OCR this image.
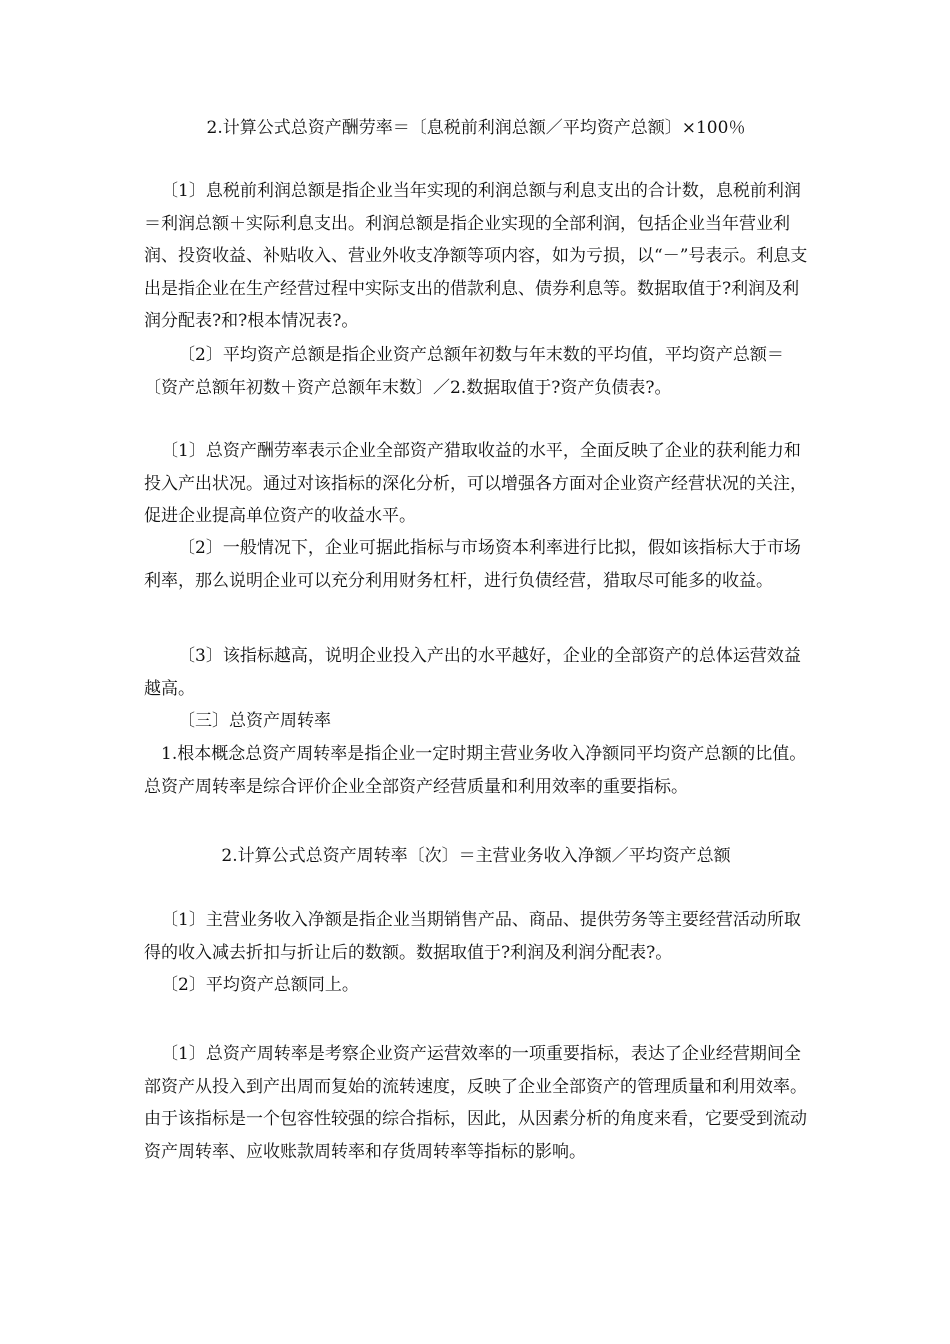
2.计算公式总资产酬劳率＝〔息税前利润总额／平均资产总额〕×100％

〔1〕息税前利润总额是指企业当年实现的利润总额与利息支出的合计数，息税前利润＝利润总额＋实际利息支出。利润总额是指企业实现的全部利润，包括企业当年营业利润、投资收益、补贴收入、营业外收支净额等项内容，如为亏损，以“－”号表示。利息支出是指企业在生产经营过程中实际支出的借款利息、债券利息等。数据取值于?利润及利润分配表?和?根本情况表?。

〔2〕平均资产总额是指企业资产总额年初数与年末数的平均值，平均资产总额＝〔资产总额年初数＋资产总额年末数〕／2.数据取值于?资产负债表?。

〔1〕总资产酬劳率表示企业全部资产猎取收益的水平，全面反映了企业的获利能力和投入产出状况。通过对该指标的深化分析，可以增强各方面对企业资产经营状况的关注，促进企业提高单位资产的收益水平。

〔2〕一般情况下，企业可据此指标与市场资本利率进行比拟，假如该指标大于市场利率，那么说明企业可以充分利用财务杠杆，进行负债经营，猎取尽可能多的收益。

〔3〕该指标越高，说明企业投入产出的水平越好，企业的全部资产的总体运营效益越高。

〔三〕总资产周转率

1.根本概念总资产周转率是指企业一定时期主营业务收入净额同平均资产总额的比值。总资产周转率是综合评价企业全部资产经营质量和利用效率的重要指标。

2.计算公式总资产周转率〔次〕＝主营业务收入净额／平均资产总额

〔1〕主营业务收入净额是指企业当期销售产品、商品、提供劳务等主要经营活动所取得的收入减去折扣与折让后的数额。数据取值于?利润及利润分配表?。

〔2〕平均资产总额同上。

〔1〕总资产周转率是考察企业资产运营效率的一项重要指标，表达了企业经营期间全部资产从投入到产出周而复始的流转速度，反映了企业全部资产的管理质量和利用效率。由于该指标是一个包容性较强的综合指标，因此，从因素分析的角度来看，它要受到流动资产周转率、应收账款周转率和存货周转率等指标的影响。
